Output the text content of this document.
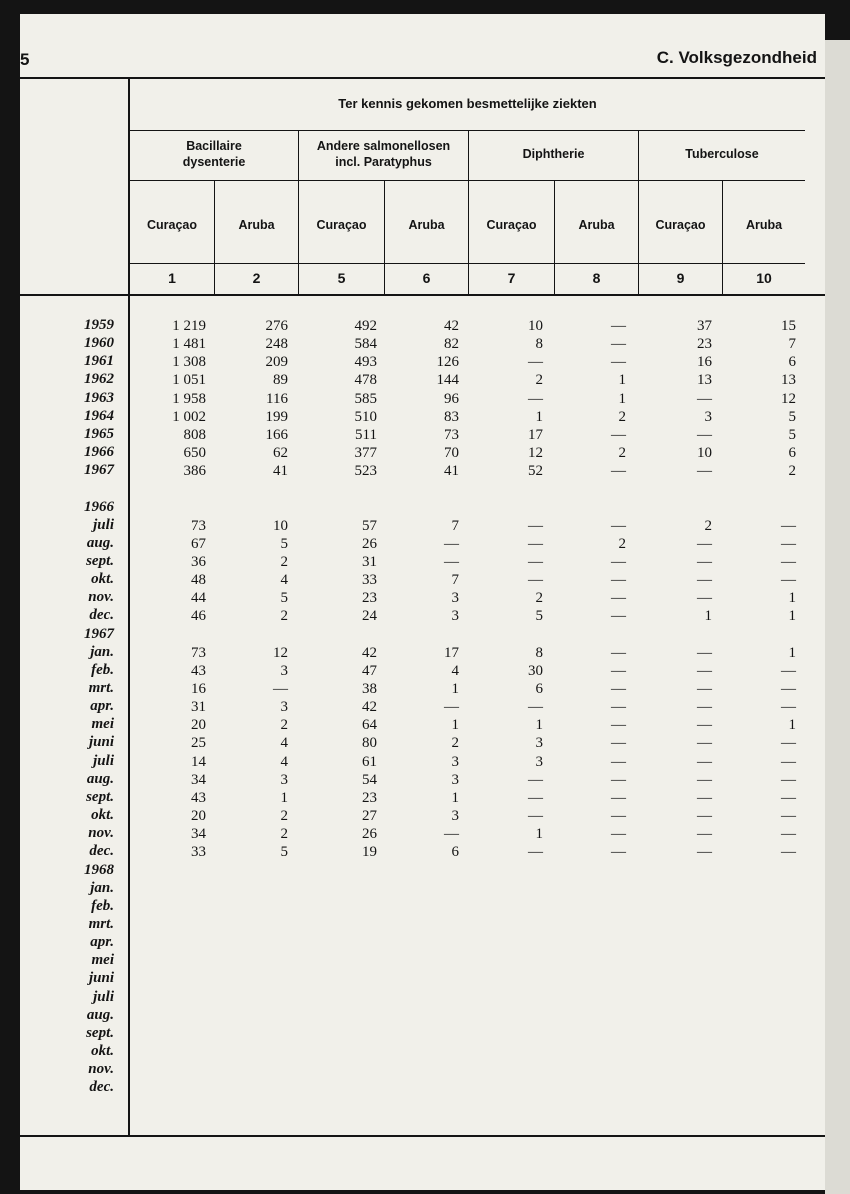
5	C. Volksgezondheid
Ter kennis gekomen besmettelijke ziekten
Bacillaire
dysenterie
Andere salmonellosen
incl. Paratyphus
Diphtherie	Tuberculose
Curaçao	Aruba	Curaçao	Aruba	Curaçao	Aruba	Curaçao	Aruba
1	2	5	6	7	8	9	10
1959	1 219	276	492	42	10	—	37	15
1960	1 481	248	584	82	8	—	23	7
1961	1 308	209	493	126	—	—	16	6
1962	1 051	89	478	144	2	1	13	13
1963	1 958	116	585	96	—	1	—	12
1964	1 002	199	510	83	1	2	3	5
1965	808	166	511	73	17	—	—	5
1966	650	62	377	70	12	2	10	6
1967	386	41	523	41	52	—	—	2
1966
juli	73	10	57	7	—	—	2	—
aug.	67	5	26	—	—	2	—	—
sept.	36	2	31	—	—	—	—	—
okt.	48	4	33	7	—	—	—	—
nov.	44	5	23	3	2	—	—	1
dec.	46	2	24	3	5	—	1	1
1967
jan.	73	12	42	17	8	—	—	1
feb.	43	3	47	4	30	—	—	—
mrt.	16	—	38	1	6	—	—	—
apr.	31	3	42	—	—	—	—	—
mei	20	2	64	1	1	—	—	1
juni	25	4	80	2	3	—	—	—
juli	14	4	61	3	3	—	—	—
aug.	34	3	54	3	—	—	—	—
sept.	43	1	23	1	—	—	—	—
okt.	20	2	27	3	—	—	—	—
nov.	34	2	26	—	1	—	—	—
dec.	33	5	19	6	—	—	—	—
1968
jan.
feb.
mrt.
apr.
mei
juni
juli
aug.
sept.
okt.
nov.
dec.
